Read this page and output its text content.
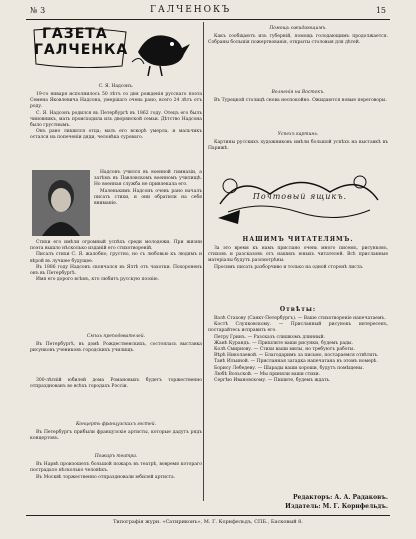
№ 3	ГАЛЧЕНОКЪ	15
ГАЗЕТА
ГАЛЧЕНКА
С. Я. Надсонъ.

19-го января исполнилось 50 лѣтъ со дня рожденія русскаго поэта Семена Яковлевича Надсона, умершаго очень рано, всего 24 лѣтъ отъ роду.

С. Я. Надсонъ родился въ Петербургѣ въ 1862 году. Отецъ его былъ чиновникъ, мать происходила изъ дворянской семьи. Дѣтство Надсона было грустнымъ.

Онъ рано лишился отца; мать его вскорѣ умерла, и мальчикъ остался на попеченіи дяди, человѣка суроваго.

Надсонъ учился въ военной гимназіи, а затѣмъ въ Павловскомъ военномъ училищѣ. Но военная служба не привлекала его.

Маленькимъ Надсонъ очень рано началъ писать стихи, и они обратили на себя вниманіе.

Стихи его имѣли огромный успѣхъ среди молодежи. При жизни поэта вышло нѣсколько изданій его стихотвореній.

Писалъ стихи С. Я. жалобно, грустно, но съ любовью къ людямъ и вѣрой въ лучшее будущее.

Въ 1886 году Надсонъ скончался въ Ялтѣ отъ чахотки. Похороненъ онъ въ Петербургѣ.

Имя его дорого всѣмъ, кто любитъ русскую поэзію.

Смъхь преподователей.

Въ Петербургѣ, въ домѣ Рождественскихъ, состоялась выставка рисунковъ учениковъ городскихъ училищъ.

300-лѣтній юбилей дома Романовыхъ будетъ торжественно отпразднованъ во всѣхъ городахъ Россіи.

Концерть французскихъ гостей.

Въ Петербургъ прибыли французскіе артисты, которые дадутъ рядъ концертовъ.

Пожаръ театра.

Въ Нарвѣ произошелъ большой пожаръ въ театрѣ, вовремя котораго пострадало нѣсколько человѣкъ.

Въ Москвѣ торжественно отпраздновали юбилей артиста.

Помощь ожидающимъ.

Какъ сообщаютъ изъ губерній, помощь голодающимъ продолжается. Собраны большія пожертвованія, открыты столовыя для дѣтей.

Волненія на Востокъ.

Въ Турецкой столицѣ снова неспокойно. Ожидаются новые переговоры.

Успехъ картинь.

Картины русскихъ художниковъ имѣли большой успѣхъ на выставкѣ въ Парижѣ.

Почтовый ящикъ.
НАШИМЪ ЧИТАТЕЛЯМЪ.

За это время къ намъ прислано очень много писемъ, рисунковъ, стиховъ и разсказовъ отъ нашихъ юныхъ читателей. Всѣ присланные матеріалы будутъ разсмотрѣны.

Просимъ писать разборчиво и только на одной сторонѣ листа.

Отвѣты:

Валѣ Стахову (Санкт-Петербургъ). — Ваше стихотвореніе напечатаемъ.

Костѣ Слупковскому. — Присланный рисунокъ интересенъ, постарайтесь исправить его.

Петру Гринъ. — Разсказъ слишкомъ длинный.

Жанѣ Курандъ. — Пришлите ваши рисунки, будемъ рады.

Колѣ Смирнову. — Стихи ваши милы, но требуютъ работы.

Вѣрѣ Николаевой. — Благодаримъ за письмо, постараемся отвѣтить.

Танѣ Ильиной. — Присланная загадка напечатана въ этомъ номерѣ.

Борису Лебедеву. — Шарады ваши хороши, будутъ помѣщены.

Любѣ Вольской. — Мы приняли ваши стихи.

Сергѣю Ивановскому. — Пишите, будемъ ждать.

Редакторъ: А. А. Радаковъ.
Издатель: М. Г. Корнфельдъ.
Типографія журн. «Сатириконъ», М. Г. Корнфельдъ, СПБ., Басковый 8.
